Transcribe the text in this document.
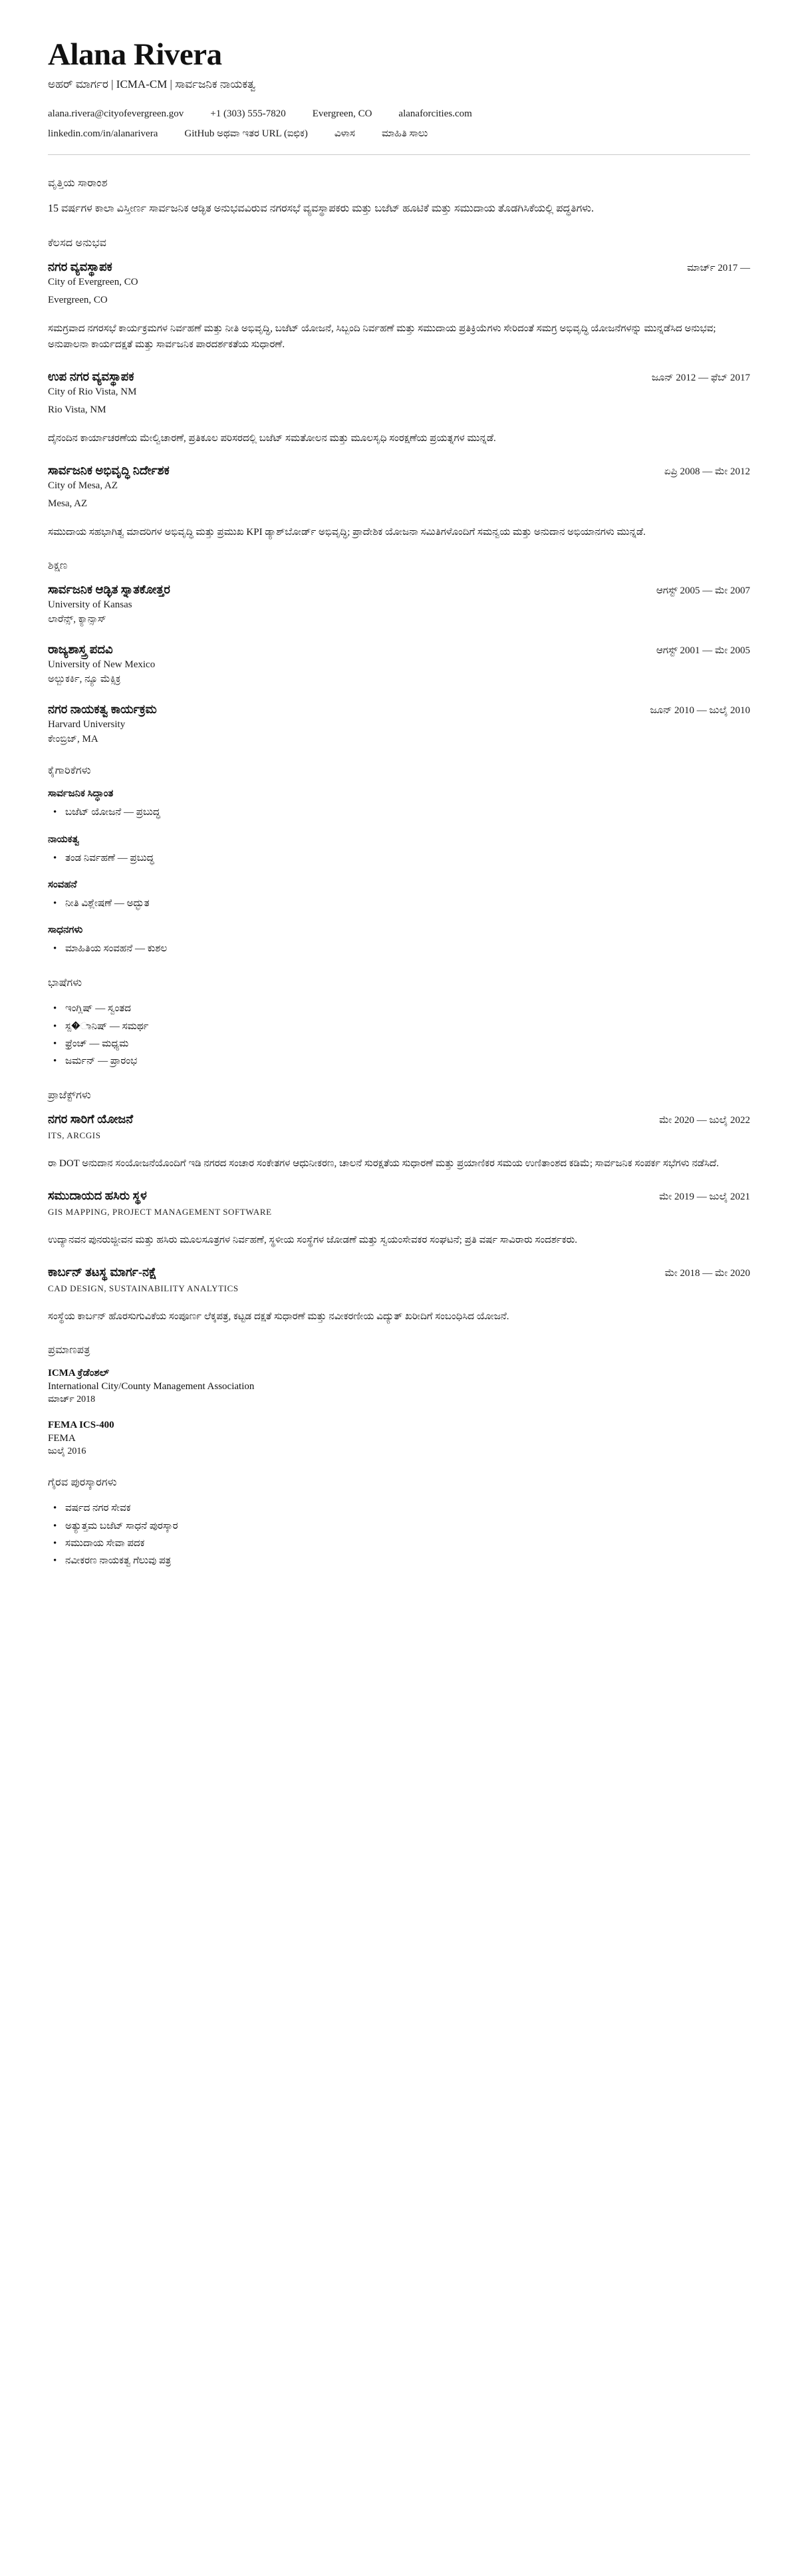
Alana Rivera
ಅಹರ್ ಮಾರ್ಗರ | ICMA-CM | ಸಾರ್ವಜನಿಕ ನಾಯಕತ್ವ
alana.rivera@cityofevergreen.gov	+1 (303) 555-7820	Evergreen, CO	alanaforcities.com
linkedin.com/in/alanarivera	GitHub ಅಥವಾ ಇತರ URL (ಐಛಿಕ)	ವಿಳಾಸ	ಮಾಹಿತಿ ಸಾಲು
ವೃತ್ತಿಯ ಸಾರಾಂಶ

15 ವರ್ಷಗಳ ಕಾಲಾ ವಿಸ್ತೀರ್ಣ ಸಾರ್ವಜನಿಕ ಆಡ್ಳಿತ ಅನುಭವವಿರುವ ನಗರಸಭೆ ವ್ಯವಸ್ಥಾಪಕರು ಮತ್ತು ಬಜೆಟ್ ಹೂಟಿಕೆ ಮತ್ತು ಸಮುದಾಯ ತೊಡಗಿಸಿಕೆಯಲ್ಲಿ ಪದ್ಧತಿಗಳು.

ಕೆಲಸದ ಅನುಭವ
ನಗರ ವ್ಯವಸ್ಥಾಪಕ	ಮಾರ್ಚ್ 2017 —
City of Evergreen, CO
Evergreen, CO

ಸಮಗ್ರವಾದ ನಗರಸಭೆ ಕಾರ್ಯಕ್ರಮಗಳ ನಿರ್ವಹಣೆ ಮತ್ತು ನೀತಿ ಅಭಿವೃದ್ಧಿ, ಬಜೆಟ್ ಯೋಜನೆ, ಸಿಬ್ಬಂದಿ ನಿರ್ವಹಣೆ ಮತ್ತು ಸಮುದಾಯ ಪ್ರತಿಕ್ರಿಯೆಗಳು ಸೇರಿದಂತೆ ಸಮಗ್ರ ಅಭಿವೃದ್ಧಿ ಯೋಜನೆಗಳನ್ನು ಮುನ್ನಡೆಸಿದ ಅನುಭವ; ಅನುಪಾಲನಾ ಕಾರ್ಯದಕ್ಷತೆ ಮತ್ತು ಸಾರ್ವಜನಿಕ ಪಾರದರ್ಶಕತೆಯ ಸುಧಾರಣೆ.

ಉಪ ನಗರ ವ್ಯವಸ್ಥಾಪಕ	ಜೂನ್ 2012 — ಫೆಬ್ 2017
City of Rio Vista, NM
Rio Vista, NM

ದೈನಂದಿನ ಕಾರ್ಯಾಚರಣೆಯ ಮೇಲ್ವಿಚಾರಣೆ, ಪ್ರತಿಕೂಲ ಪರಿಸರದಲ್ಲಿ ಬಜೆಟ್ ಸಮತೋಲನ ಮತ್ತು ಮೂಲಸೃಧಿ ಸಂರಕ್ಷಣೆಯ ಪ್ರಯತ್ನಗಳ ಮುನ್ನಡೆ.

ಸಾರ್ವಜನಿಕ ಅಭಿವೃದ್ಧಿ ನಿರ್ದೇಶಕ	ಏಪ್ರಿ 2008 — ಮೇ 2012
City of Mesa, AZ
Mesa, AZ

ಸಮುದಾಯ ಸಹಭಾಗಿತ್ವ ಮಾದರಿಗಳ ಅಭಿವೃದ್ಧಿ ಮತ್ತು ಪ್ರಮುಖ KPI ಡ್ಯಾಶ್‌ಬೋರ್ಡ್ ಅಭಿವೃದ್ಧಿ; ಪ್ರಾದೇಶಿಕ ಯೋಜನಾ ಸಮಿತಿಗಳೊಂದಿಗೆ ಸಮನ್ವಯ ಮತ್ತು ಅನುದಾನ ಅಭಿಯಾನಗಳು ಮುನ್ನಡೆ.

ಶಿಕ್ಷಣ
ಸಾರ್ವಜನಿಕ ಆಡ್ಳಿತ ಸ್ನಾತಕೋತ್ತರ	ಆಗಸ್ಟ್ 2005 — ಮೇ 2007
University of Kansas
ಲಾರೆನ್ಸ್, ಕ್ಯಾನ್ಸಾಸ್
ರಾಜ್ಯಶಾಸ್ತ್ರ ಪದವಿ	ಆಗಸ್ಟ್ 2001 — ಮೇ 2005
University of New Mexico
ಅಲ್ಬುಕರ್ಕಿ, ನ್ಯೂ ಮೆಕ್ಸಿಕ್ರ
ನಗರ ನಾಯಕತ್ವ ಕಾರ್ಯಕ್ರಮ	ಜೂನ್ 2010 — ಜುಲೈ 2010
Harvard University
ಕೇಂಬ್ರಿಜ್, MA
ಕೈಗಾರಿಕೆಗಳು
ಸಾರ್ವಜನಿಕ ಸಿದ್ಧಾಂತ
• ಬಜೆಟ್ ಯೋಜನೆ — ಪ್ರಬುದ್ಧ
ನಾಯಕತ್ವ
• ತಂಡ ನಿರ್ವಹಣೆ — ಪ್ರಬುದ್ಧ
ಸಂವಹನೆ
• ನೀತಿ ವಿಶ್ಲೇಷಣೆ — ಅದ್ಭುತ
ಸಾಧನಗಳು
• ಮಾಹಿತಿಯ ಸಂವಹನೆ — ಕುಶಲ
ಭಾಷೆಗಳು
• ಇಂಗ್ಲಿಷ್ — ಸ್ವಂತದ
• ಸ್ಪ�ಾನಿಷ್ — ಸಮರ್ಥ
• ಫ್ರೆಂಚ್ — ಮಧ್ಯಮ
• ಜರ್ಮನ್ — ಪ್ರಾರಂಭ
ಪ್ರಾಜೆಕ್ಟ್‌ಗಳು
ನಗರ ಸಾರಿಗೆ ಯೋಜನೆ	ಮೇ 2020 — ಜುಲೈ 2022
ITS, ARCGIS

ರಾ DOT ಅನುದಾನ ಸಂಯೋಜನೆಯೊಂದಿಗೆ ಇಡಿ ನಗರದ ಸಂಚಾರ ಸಂಕೇತಗಳ ಆಧುನೀಕರಣ, ಚಾಲನೆ ಸುರಕ್ಷತೆಯ ಸುಧಾರಣೆ ಮತ್ತು ಪ್ರಯಾಣಿಕರ ಸಮಯ ಉಣಿತಾಂಶದ ಕಡಿಮೆ; ಸಾರ್ವಜನಿಕ ಸಂಪರ್ಕ ಸಭೆಗಳು ನಡೆಸಿದೆ.

ಸಮುದಾಯದ ಹಸಿರು ಸ್ಥಳ	ಮೇ 2019 — ಜುಲೈ 2021
GIS MAPPING, PROJECT MANAGEMENT SOFTWARE

ಉದ್ಯಾನವನ ಪುನರುಜ್ಜೀವನ ಮತ್ತು ಹಸಿರು ಮೂಲಸೂತ್ರಗಳ ನಿರ್ವಹಣೆ, ಸ್ಥಳೀಯ ಸಂಸ್ಥೆಗಳ ಜೋಡಣೆ ಮತ್ತು ಸ್ವಯಂಸೇವಕರ ಸಂಘಟನೆ; ಪ್ರತಿ ವರ್ಷ ಸಾವಿರಾರು ಸಂದರ್ಶಕರು.

ಕಾರ್ಬನ್ ತಟಸ್ಥ ಮಾರ್ಗ-ನಕ್ಷೆ	ಮೇ 2018 — ಮೇ 2020
CAD DESIGN, SUSTAINABILITY ANALYTICS

ಸಂಸ್ಥೆಯ ಕಾರ್ಬನ್ ಹೊರಸುಗುವಿಕೆಯ ಸಂಪೂರ್ಣ ಲೆಕ್ಕಪತ್ರ, ಕಟ್ಟಡ ದಕ್ಷತೆ ಸುಧಾರಣೆ ಮತ್ತು ನವೀಕರಣೀಯ ವಿದ್ಯುತ್ ಖರೀದಿಗೆ ಸಂಬಂಧಿಸಿದ ಯೋಜನೆ.

ಪ್ರಮಾಣಪತ್ರ
ICMA ಕ್ರೆಡೆಂಶಲ್
International City/County Management Association
ಮಾರ್ಚ್ 2018
FEMA ICS-400
FEMA
ಜುಲೈ 2016
ಗೈರವ ಪುರಸ್ಕಾರಗಳು
• ವರ್ಷದ ನಗರ ಸೇವಕ
• ಅತ್ಯುತ್ತಮ ಬಜೆಟ್ ಸಾಧನೆ ಪುರಸ್ಕಾರ
• ಸಮುದಾಯ ಸೇವಾ ಪದಕ
• ನವೀಕರಣ ನಾಯಕತ್ವ ಗೆಲುವು ಪತ್ರ
